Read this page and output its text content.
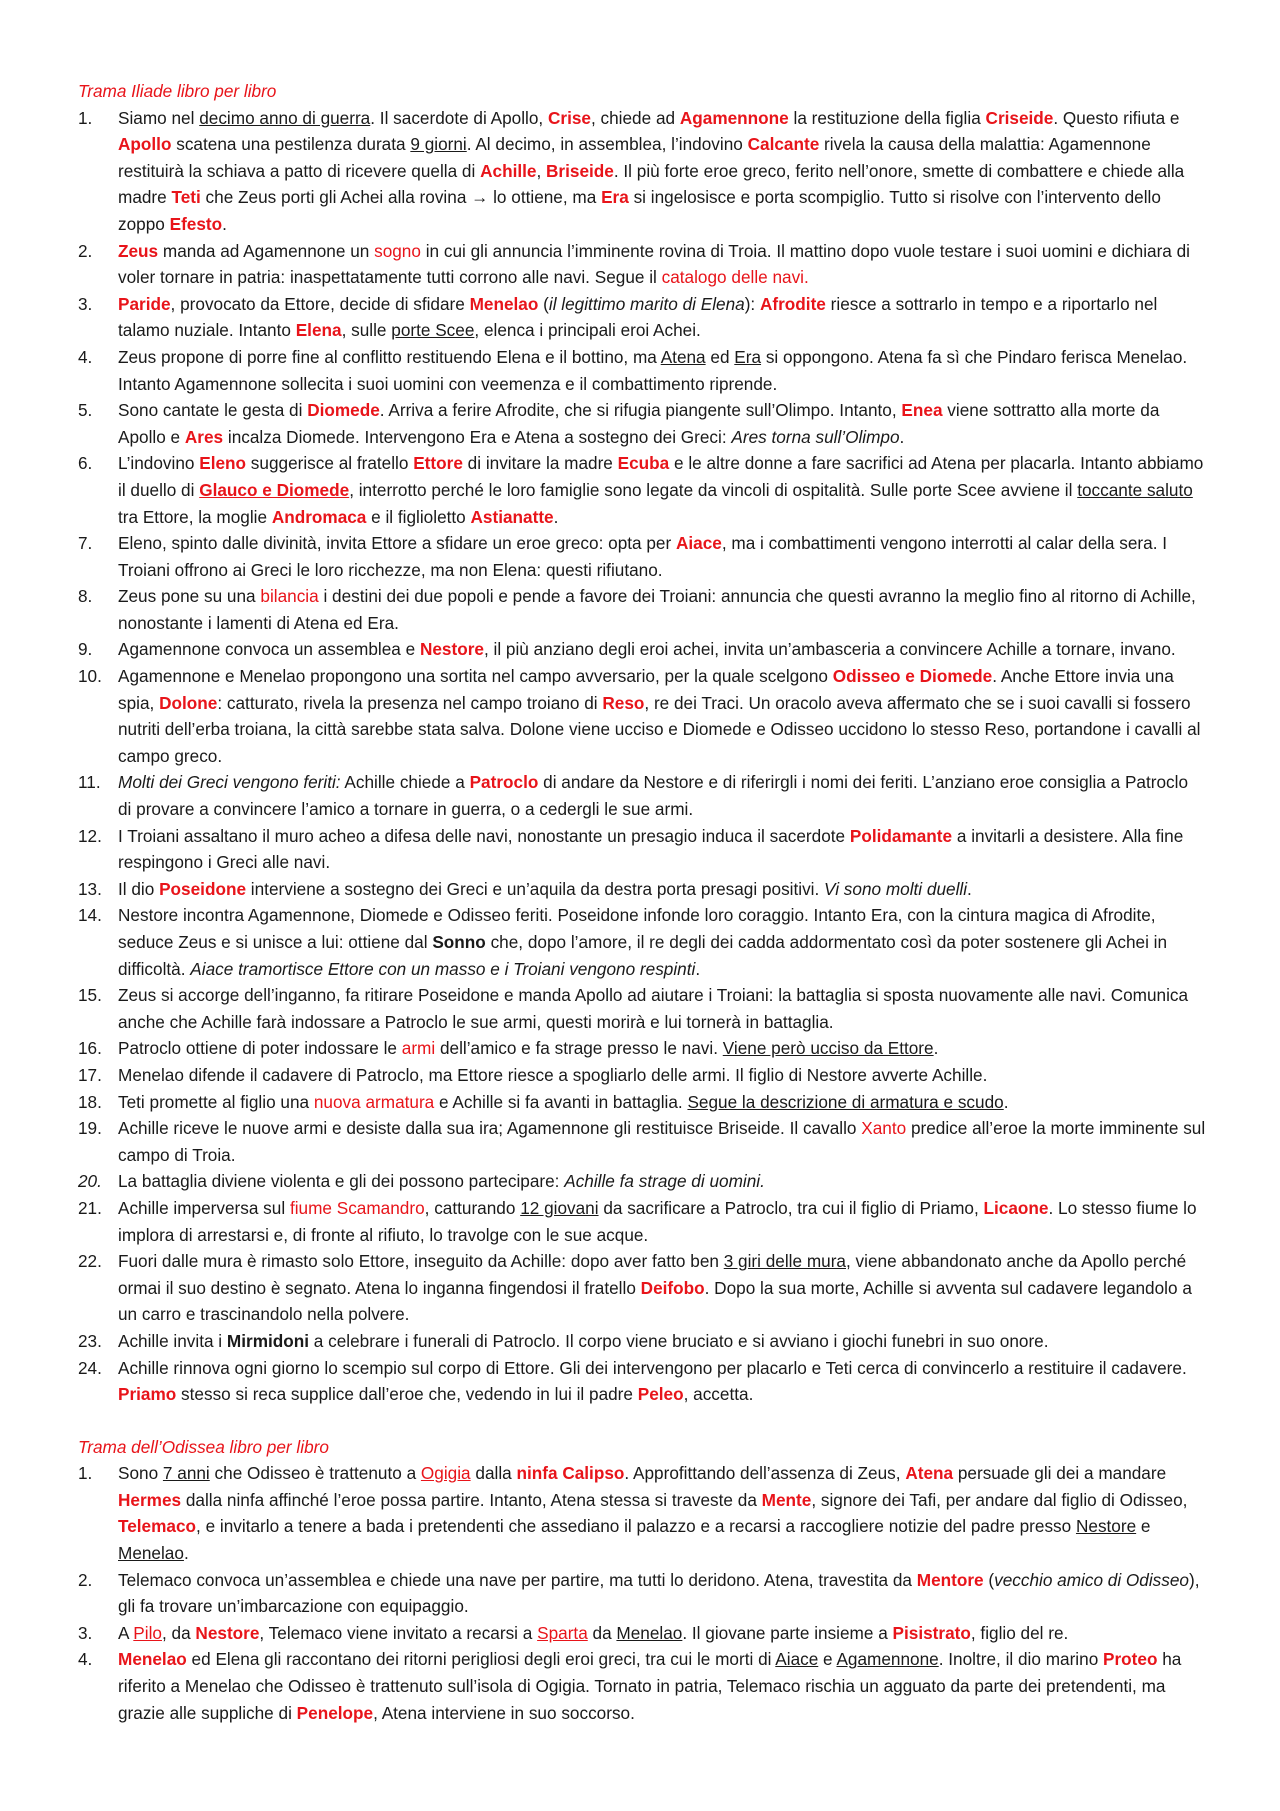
Trama Iliade libro per libro

1.	Siamo nel decimo anno di guerra. Il sacerdote di Apollo, Crise, chiede ad Agamennone la restituzione della figlia Criseide. Questo rifiuta e Apollo scatena una pestilenza durata 9 giorni. Al decimo, in assemblea, l’indovino Calcante rivela la causa della malattia: Agamennone restituirà la schiava a patto di ricevere quella di Achille, Briseide. Il più forte eroe greco, ferito nell’onore, smette di combattere e chiede alla madre Teti che Zeus porti gli Achei alla rovina → lo ottiene, ma Era si ingelosisce e porta scompiglio. Tutto si risolve con l’intervento dello zoppo Efesto.
2.	Zeus manda ad Agamennone un sogno in cui gli annuncia l’imminente rovina di Troia. Il mattino dopo vuole testare i suoi uomini e dichiara di voler tornare in patria: inaspettatamente tutti corrono alle navi. Segue il catalogo delle navi.
3.	Paride, provocato da Ettore, decide di sfidare Menelao (il legittimo marito di Elena): Afrodite riesce a sottrarlo in tempo e a riportarlo nel talamo nuziale. Intanto Elena, sulle porte Scee, elenca i principali eroi Achei.
4.	Zeus propone di porre fine al conflitto restituendo Elena e il bottino, ma Atena ed Era si oppongono. Atena fa sì che Pindaro ferisca Menelao. Intanto Agamennone sollecita i suoi uomini con veemenza e il combattimento riprende.
5.	Sono cantate le gesta di Diomede. Arriva a ferire Afrodite, che si rifugia piangente sull’Olimpo. Intanto, Enea viene sottratto alla morte da Apollo e Ares incalza Diomede. Intervengono Era e Atena a sostegno dei Greci: Ares torna sull’Olimpo.
6.	L’indovino Eleno suggerisce al fratello Ettore di invitare la madre Ecuba e le altre donne a fare sacrifici ad Atena per placarla. Intanto abbiamo il duello di Glauco e Diomede, interrotto perché le loro famiglie sono legate da vincoli di ospitalità. Sulle porte Scee avviene il toccante saluto tra Ettore, la moglie Andromaca e il figlioletto Astianatte.
7.	Eleno, spinto dalle divinità, invita Ettore a sfidare un eroe greco: opta per Aiace, ma i combattimenti vengono interrotti al calar della sera. I Troiani offrono ai Greci le loro ricchezze, ma non Elena: questi rifiutano.
8.	Zeus pone su una bilancia i destini dei due popoli e pende a favore dei Troiani: annuncia che questi avranno la meglio fino al ritorno di Achille, nonostante i lamenti di Atena ed Era.
9.	Agamennone convoca un assemblea e Nestore, il più anziano degli eroi achei, invita un’ambasceria a convincere Achille a tornare, invano.
10. Agamennone e Menelao propongono una sortita nel campo avversario, per la quale scelgono Odisseo e Diomede. Anche Ettore invia una spia, Dolone: catturato, rivela la presenza nel campo troiano di Reso, re dei Traci. Un oracolo aveva affermato che se i suoi cavalli si fossero nutriti dell’erba troiana, la città sarebbe stata salva. Dolone viene ucciso e Diomede e Odisseo uccidono lo stesso Reso, portandone i cavalli al campo greco.
11.	Molti dei Greci vengono feriti: Achille chiede a Patroclo di andare da Nestore e di riferirgli i nomi dei feriti. L’anziano eroe consiglia a Patroclo di provare a convincere l’amico a tornare in guerra, o a cedergli le sue armi.
12. I Troiani assaltano il muro acheo a difesa delle navi, nonostante un presagio induca il sacerdote Polidamante a invitarli a desistere. Alla fine respingono i Greci alle navi.
13. Il dio Poseidone interviene a sostegno dei Greci e un’aquila da destra porta presagi positivi. Vi sono molti duelli.
14. Nestore incontra Agamennone, Diomede e Odisseo feriti. Poseidone infonde loro coraggio. Intanto Era, con la cintura magica di Afrodite, seduce Zeus e si unisce a lui: ottiene dal Sonno che, dopo l’amore, il re degli dei cadda addormentato così da poter sostenere gli Achei in difficoltà. Aiace tramortisce Ettore con un masso e i Troiani vengono respinti.
15. Zeus si accorge dell’inganno, fa ritirare Poseidone e manda Apollo ad aiutare i Troiani: la battaglia si sposta nuovamente alle navi. Comunica anche che Achille farà indossare a Patroclo le sue armi, questi morirà e lui tornerà in battaglia.
16. Patroclo ottiene di poter indossare le armi dell’amico e fa strage presso le navi. Viene però ucciso da Ettore.
17. Menelao difende il cadavere di Patroclo, ma Ettore riesce a spogliarlo delle armi. Il figlio di Nestore avverte Achille.
18. Teti promette al figlio una nuova armatura e Achille si fa avanti in battaglia. Segue la descrizione di armatura e scudo.
19. Achille riceve le nuove armi e desiste dalla sua ira; Agamennone gli restituisce Briseide. Il cavallo Xanto predice all’eroe la morte imminente sul campo di Troia.
20. La battaglia diviene violenta e gli dei possono partecipare: Achille fa strage di uomini.
21. Achille imperversa sul fiume Scamandro, catturando 12 giovani da sacrificare a Patroclo, tra cui il figlio di Priamo, Licaone. Lo stesso fiume lo implora di arrestarsi e, di fronte al rifiuto, lo travolge con le sue acque.
22. Fuori dalle mura è rimasto solo Ettore, inseguito da Achille: dopo aver fatto ben 3 giri delle mura, viene abbandonato anche da Apollo perché ormai il suo destino è segnato. Atena lo inganna fingendosi il fratello Deifobo. Dopo la sua morte, Achille si avventa sul cadavere legandolo a un carro e trascinandolo nella polvere.
23. Achille invita i Mirmidoni a celebrare i funerali di Patroclo. Il corpo viene bruciato e si avviano i giochi funebri in suo onore.
24. Achille rinnova ogni giorno lo scempio sul corpo di Ettore. Gli dei intervengono per placarlo e Teti cerca di convincerlo a restituire il cadavere. Priamo stesso si reca supplice dall’eroe che, vedendo in lui il padre Peleo, accetta.

Trama dell’Odissea libro per libro

1.	Sono 7 anni che Odisseo è trattenuto a Ogigia dalla ninfa Calipso. Approfittando dell’assenza di Zeus, Atena persuade gli dei a mandare Hermes dalla ninfa affinché l’eroe possa partire. Intanto, Atena stessa si traveste da Mente, signore dei Tafi, per andare dal figlio di Odisseo, Telemaco, e invitarlo a tenere a bada i pretendenti che assediano il palazzo e a recarsi a raccogliere notizie del padre presso Nestore e Menelao.
2.	Telemaco convoca un’assemblea e chiede una nave per partire, ma tutti lo deridono. Atena, travestita da Mentore (vecchio amico di Odisseo), gli fa trovare un’imbarcazione con equipaggio.
3.	A Pilo, da Nestore, Telemaco viene invitato a recarsi a Sparta da Menelao. Il giovane parte insieme a Pisistrato, figlio del re.
4.	Menelao ed Elena gli raccontano dei ritorni perigliosi degli eroi greci, tra cui le morti di Aiace e Agamennone. Inoltre, il dio marino Proteo ha riferito a Menelao che Odisseo è trattenuto sull’isola di Ogigia. Tornato in patria, Telemaco rischia un agguato da parte dei pretendenti, ma grazie alle suppliche di Penelope, Atena interviene in suo soccorso.
